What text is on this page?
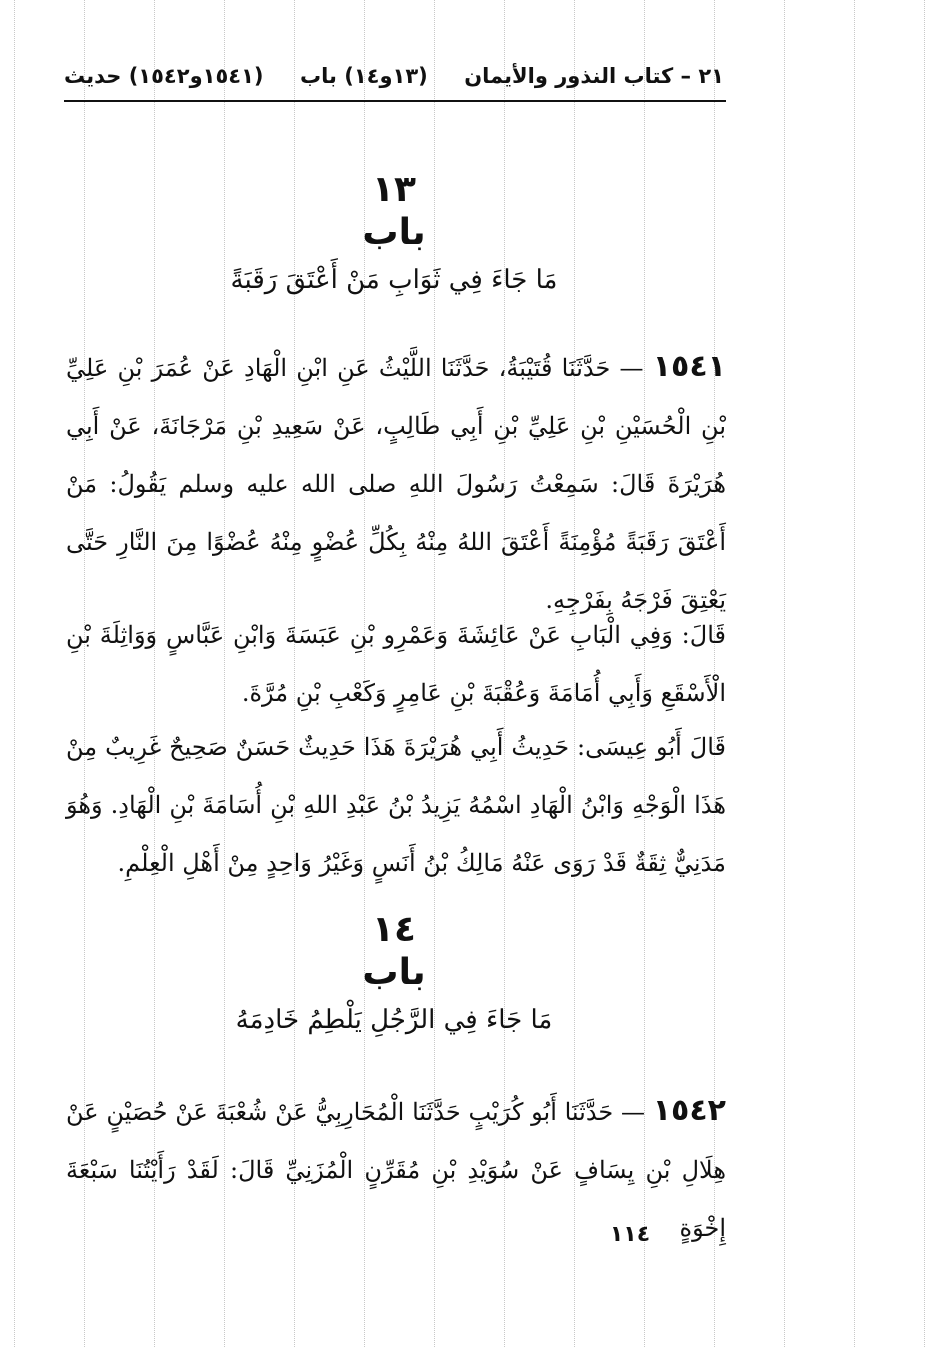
٢١ – كتاب النذور والأيمان
(١٣و١٤) باب
(١٥٤١و١٥٤٢) حديث
١٣
باب
مَا جَاءَ فِي ثَوَابِ مَنْ أَعْتَقَ رَقَبَةً
١٥٤١ — حَدَّثَنَا قُتَيْبَةُ، حَدَّثَنَا اللَّيْثُ عَنِ ابْنِ الْهَادِ عَنْ عُمَرَ بْنِ عَلِيِّ بْنِ الْحُسَيْنِ بْنِ عَلِيِّ بْنِ أَبِي طَالِبٍ، عَنْ سَعِيدِ بْنِ مَرْجَانَةَ، عَنْ أَبِي هُرَيْرَةَ قَالَ: سَمِعْتُ رَسُولَ اللهِ صلى الله عليه وسلم يَقُولُ: مَنْ أَعْتَقَ رَقَبَةً مُؤْمِنَةً أَعْتَقَ اللهُ مِنْهُ بِكُلِّ عُضْوٍ مِنْهُ عُضْوًا مِنَ النَّارِ حَتَّى يَعْتِقَ فَرْجَهُ بِفَرْجِهِ.
قَالَ: وَفِي الْبَابِ عَنْ عَائِشَةَ وَعَمْرِو بْنِ عَبَسَةَ وَابْنِ عَبَّاسٍ وَوَاثِلَةَ بْنِ الْأَسْقَعِ وَأَبِي أُمَامَةَ وَعُقْبَةَ بْنِ عَامِرٍ وَكَعْبِ بْنِ مُرَّةَ.
قَالَ أَبُو عِيسَى: حَدِيثُ أَبِي هُرَيْرَةَ هَذَا حَدِيثٌ حَسَنٌ صَحِيحٌ غَرِيبٌ مِنْ هَذَا الْوَجْهِ وَابْنُ الْهَادِ اسْمُهُ يَزِيدُ بْنُ عَبْدِ اللهِ بْنِ أُسَامَةَ بْنِ الْهَادِ. وَهُوَ مَدَنِيٌّ ثِقَةٌ قَدْ رَوَى عَنْهُ مَالِكُ بْنُ أَنَسٍ وَغَيْرُ وَاحِدٍ مِنْ أَهْلِ الْعِلْمِ.
١٤
باب
مَا جَاءَ فِي الرَّجُلِ يَلْطِمُ خَادِمَهُ
١٥٤٢ — حَدَّثَنَا أَبُو كُرَيْبٍ حَدَّثَنَا الْمُحَارِبِيُّ عَنْ شُعْبَةَ عَنْ حُصَيْنٍ عَنْ هِلَالِ بْنِ يِسَافٍ عَنْ سُوَيْدِ بْنِ مُقَرِّنٍ الْمُزَنِيِّ قَالَ: لَقَدْ رَأَيْتُنَا سَبْعَةَ إِخْوَةٍ
١١٤
